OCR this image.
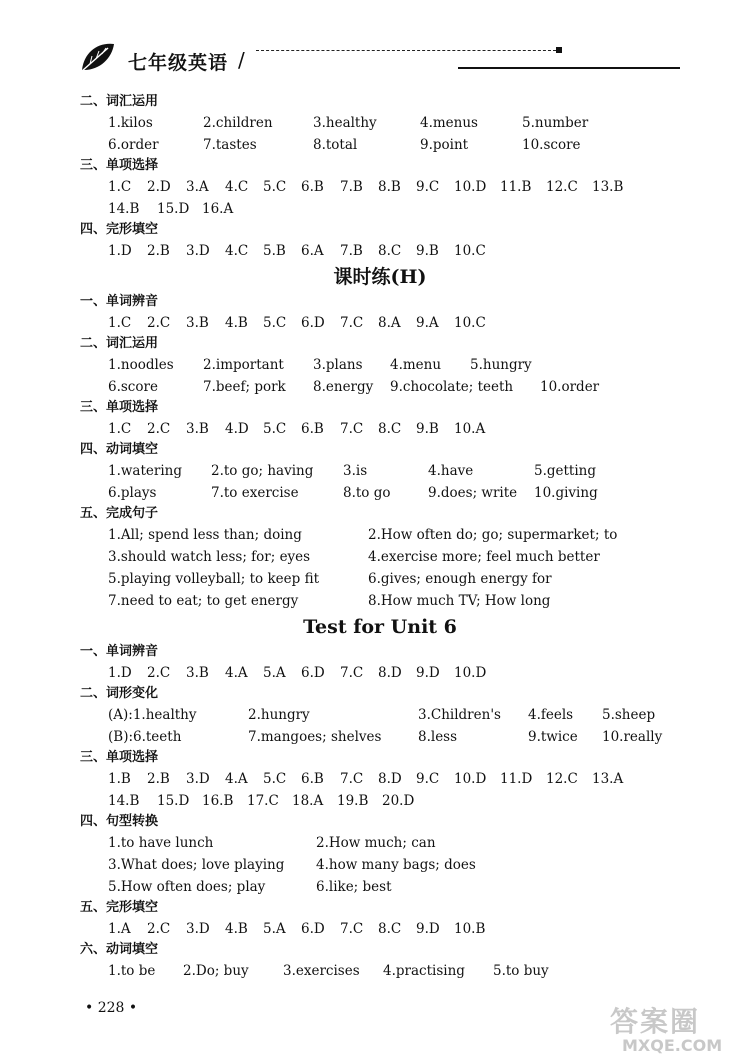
七年级英语 /
二、词汇运用
1.kilos	2.children	3.healthy	4.menus	5.number
6.order	7.tastes	8.total	9.point	10.score
三、单项选择
1.C 2.D 3.A 4.C 5.C 6.B 7.B 8.B 9.C 10.D 11.B 12.C 13.B
14.B 15.D 16.A
四、完形填空
1.D 2.B 3.D 4.C 5.B 6.A 7.B 8.C 9.B 10.C
课时练(H)
一、单词辨音
1.C 2.C 3.B 4.B 5.C 6.D 7.C 8.A 9.A 10.C
二、词汇运用
1.noodles 2.important 3.plans 4.menu 5.hungry
6.score	7.beef; pork 8.energy 9.chocolate; teeth 10.order
三、单项选择
1.C 2.C 3.B 4.D 5.C 6.B 7.C 8.C 9.B 10.A
四、动词填空
1.watering 2.to go; having 3.is	4.have	5.getting
6.plays	7.to exercise	8.to go	9.does; write 10.giving
五、完成句子
1.All; spend less than; doing	2.How often do; go; supermarket; to
3.should watch less; for; eyes	4.exercise more; feel much better
5.playing volleyball; to keep fit	6.gives; enough energy for
7.need to eat; to get energy	8.How much TV; How long
Test for Unit 6
一、单词辨音
1.D 2.C 3.B 4.A 5.A 6.D 7.C 8.D 9.D 10.D
二、词形变化
(A):1.healthy	2.hungry	3.Children's 4.feels 5.sheep
(B):6.teeth	7.mangoes; shelves	8.less	9.twice 10.really
三、单项选择
1.B 2.B 3.D 4.A 5.C 6.B 7.C 8.D 9.C 10.D 11.D 12.C 13.A
14.B 15.D 16.B 17.C 18.A 19.B 20.D
四、句型转换
1.to have lunch	2.How much; can
3.What does; love playing 4.how many bags; does
5.How often does; play	6.like; best
五、完形填空
1.A 2.C 3.D 4.B 5.A 6.D 7.C 8.C 9.D 10.B
六、动词填空
1.to be 2.Do; buy	3.exercises 4.practising 5.to buy
• 228 •	答案圈
MXQE.COM
